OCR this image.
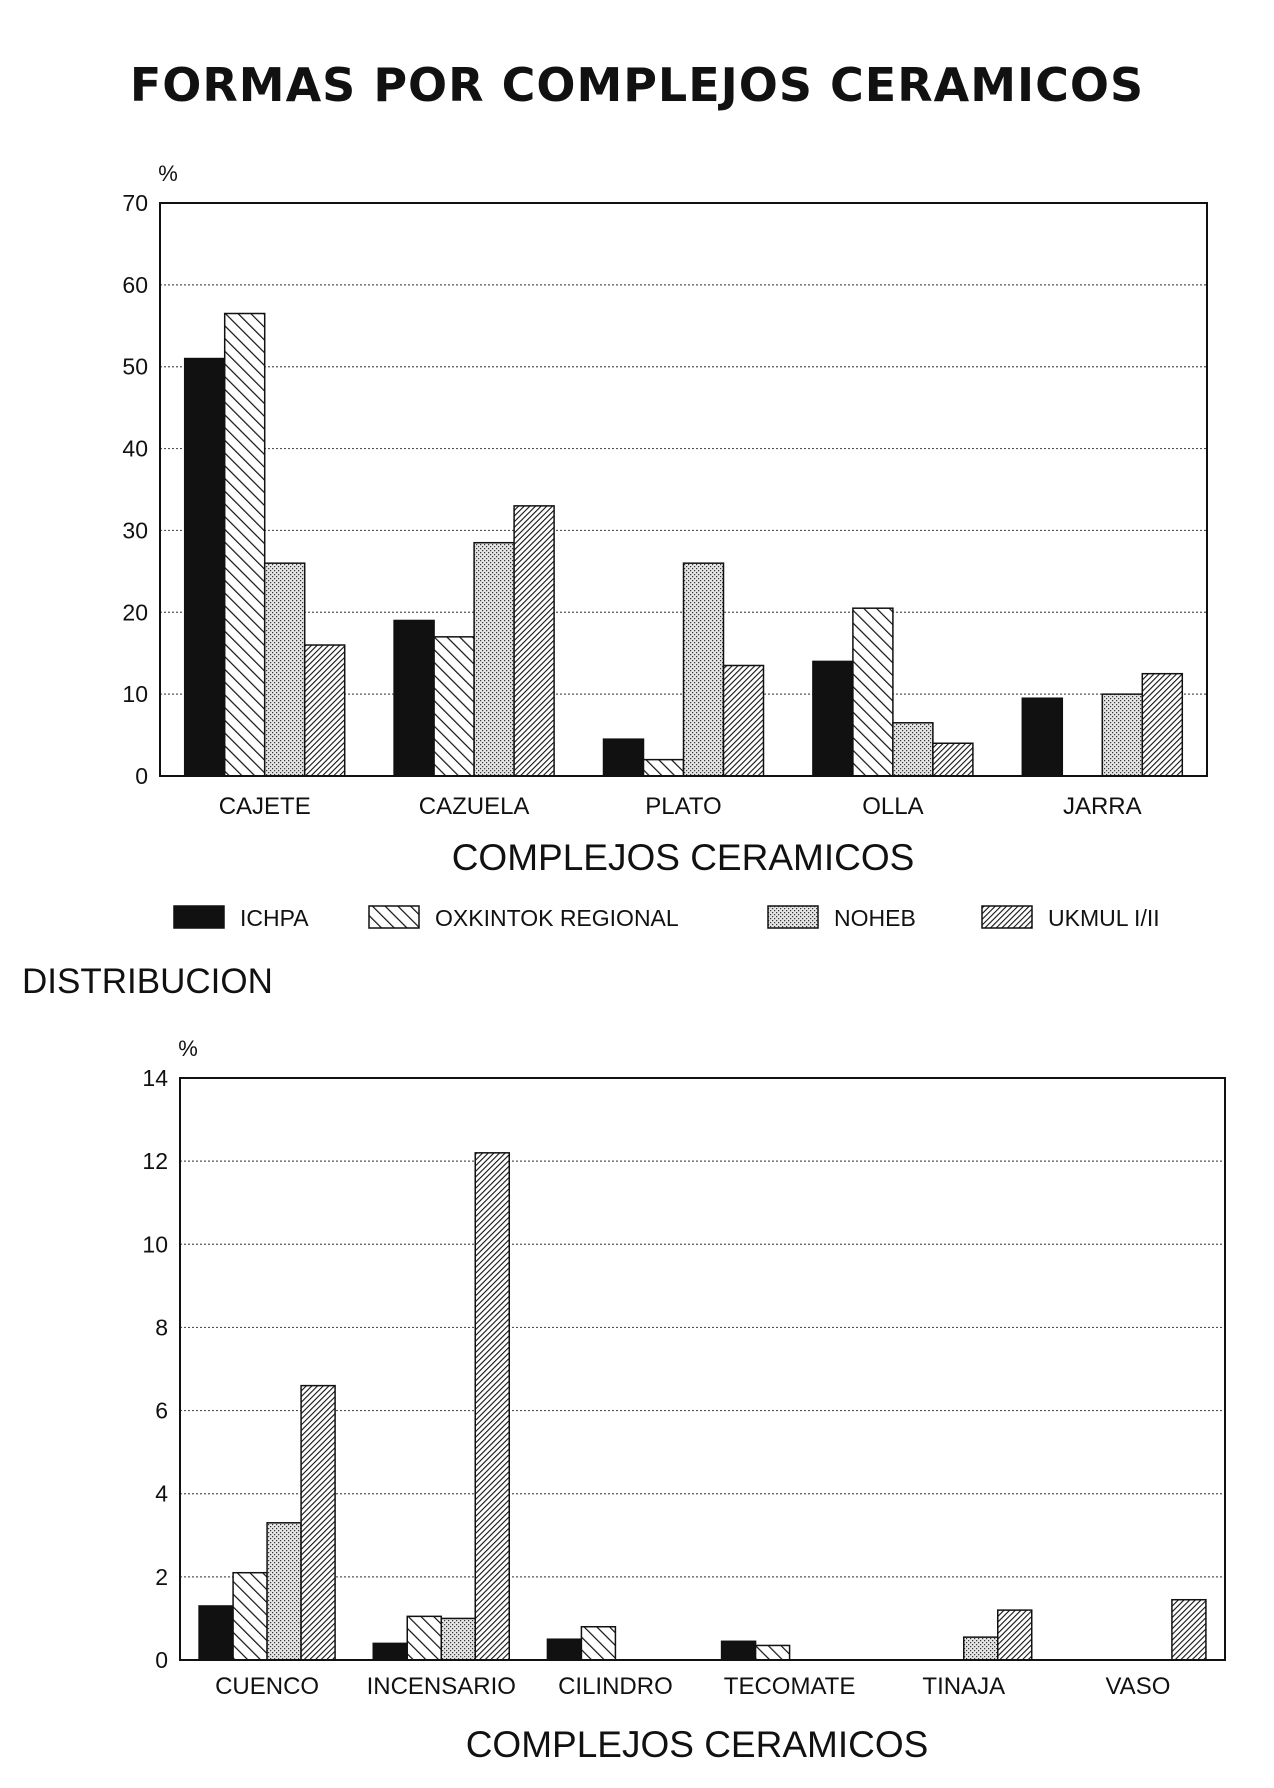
FORMAS POR COMPLEJOS CERAMICOS
DISTRIBUCION
0
10
20
30
40
50
60
70
CAJETE	CAZUELA	PLATO	OLLA	JARRA
%
COMPLEJOS CERAMICOS
ICHPA	OXKINTOK REGIONAL	NOHEB	UKMUL I/II
0
2
4
6
8
10
12
14
CUENCO INCENSARIO CILINDRO TECOMATE	TINAJA	VASO
%
COMPLEJOS CERAMICOS
